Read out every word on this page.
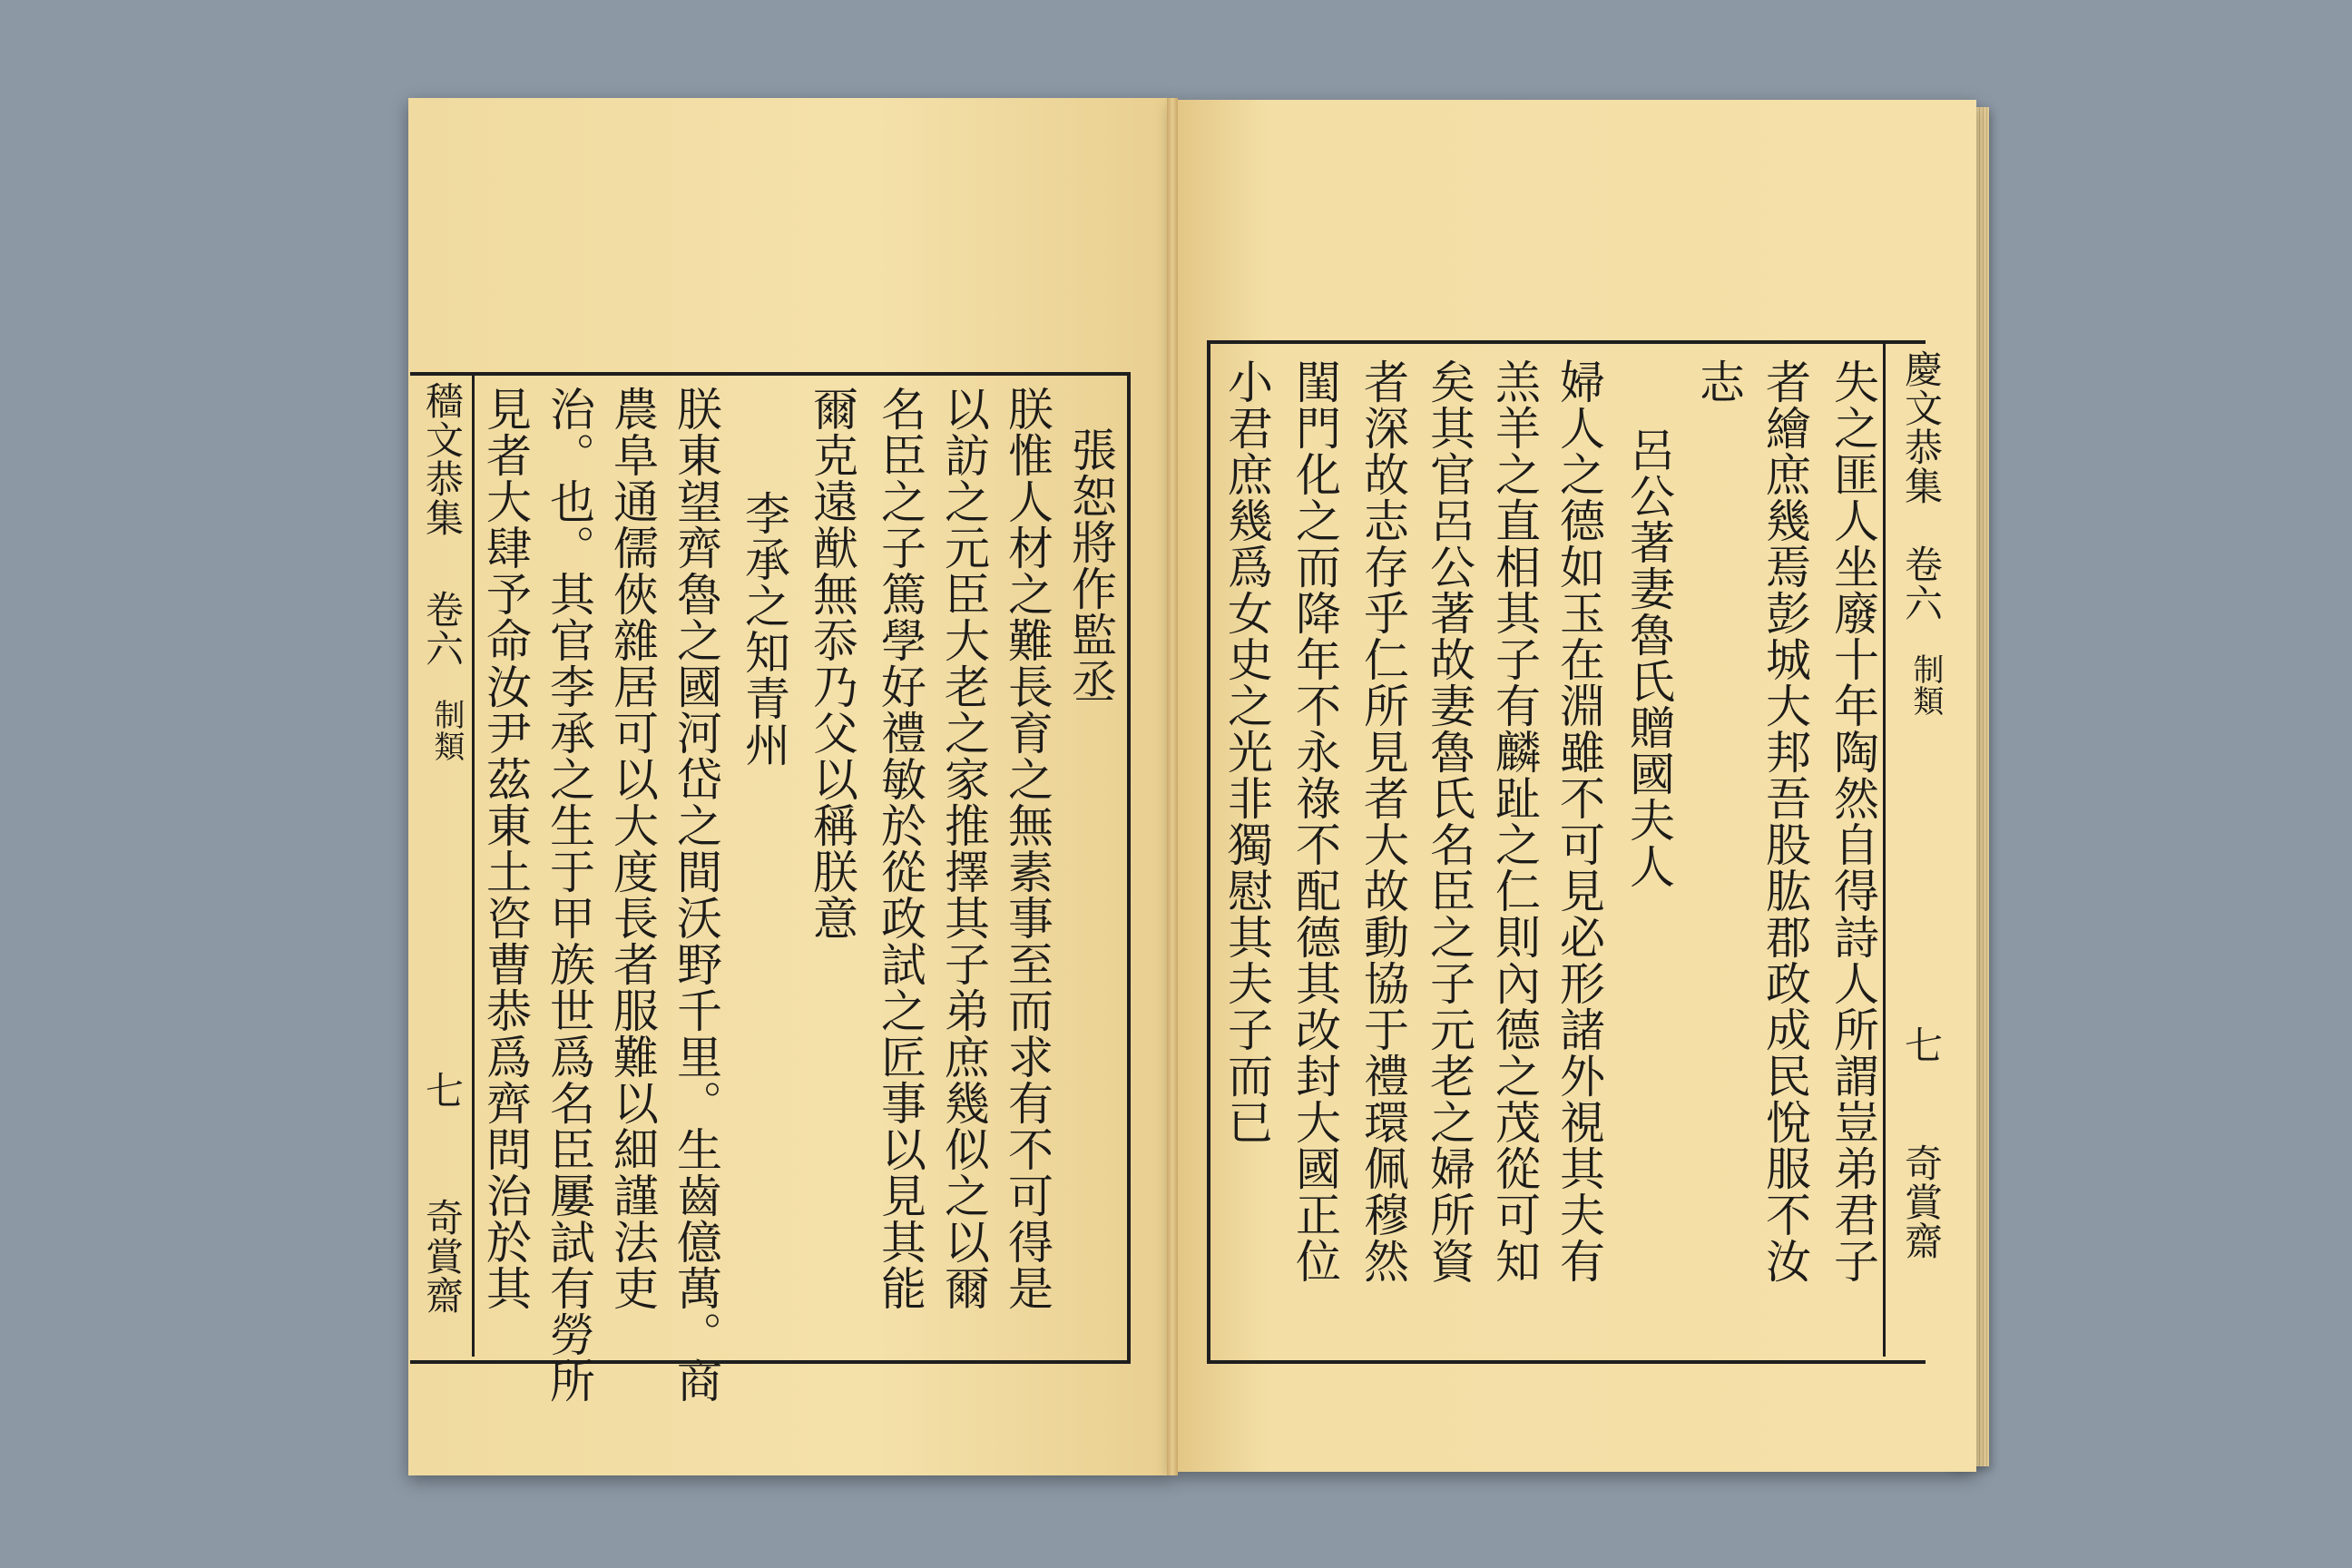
穡文恭集
卷六
制類
七
奇賞齋 見者大肆予命汝尹茲東土咨曹恭爲齊問治於其 治。也。其官李承之生于甲族世爲名臣屢試有勞所 農阜通儒俠雜居可以大度長者服難以細謹法吏 朕東望齊魯之國河岱之間沃野千里。生齒億萬。商 李承之知青州 爾克遠猷無忝乃父以稱朕意 名臣之子篤學好禮敏於從政試之匠事以見其能 以訪之元臣大老之家推擇其子弟庶幾似之以爾 朕惟人材之難長育之無素事至而求有不可得是 張恕將作監丞 小君庶幾爲女史之光非獨慰其夫子而已 閨門化之而降年不永祿不配德其改封大國正位 者深故志存乎仁所見者大故動協于禮環佩穆然 矣其官呂公著故妻魯氏名臣之子元老之婦所資 羔羊之直相其子有麟趾之仁則內德之茂從可知 婦人之德如玉在淵雖不可見必形諸外視其夫有 呂公著妻魯氏贈國夫人
志 者繪庶幾焉彭城大邦吾股肱郡政成民悅服不汝 失之匪人坐廢十年陶然自得詩人所謂豈弟君子 慶文恭集
卷六
制類
七
奇賞齋
